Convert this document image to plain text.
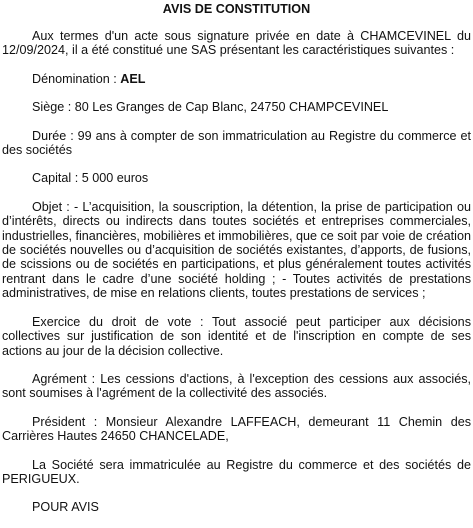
AVIS DE CONSTITUTION

Aux termes d'un acte sous signature privée en date à CHAMCEVINEL du 12/09/2024, il a été constitué une SAS présentant les caractéristiques suivantes :

Dénomination : AEL

Siège : 80 Les Granges de Cap Blanc, 24750 CHAMPCEVINEL

Durée : 99 ans à compter de son immatriculation au Registre du commerce et des sociétés

Capital : 5 000 euros

Objet : - L’acquisition, la souscription, la détention, la prise de participation ou d’intérêts, directs ou indirects dans toutes sociétés et entreprises commerciales, industrielles, financières, mobilières et immobilières, que ce soit par voie de création de sociétés nouvelles ou d’acquisition de sociétés existantes, d’apports, de fusions, de scissions ou de sociétés en participations, et plus généralement toutes activités rentrant dans le cadre d’une société holding ; - Toutes activités de prestations administratives, de mise en relations clients, toutes prestations de services ;

Exercice du droit de vote : Tout associé peut participer aux décisions collectives sur justification de son identité et de l'inscription en compte de ses actions au jour de la décision collective.

Agrément : Les cessions d'actions, à l'exception des cessions aux associés, sont soumises à l'agrément de la collectivité des associés.

Président : Monsieur Alexandre LAFFEACH, demeurant 11 Chemin des Carrières Hautes 24650 CHANCELADE,

La Société sera immatriculée au Registre du commerce et des sociétés de PERIGUEUX.

POUR AVIS
